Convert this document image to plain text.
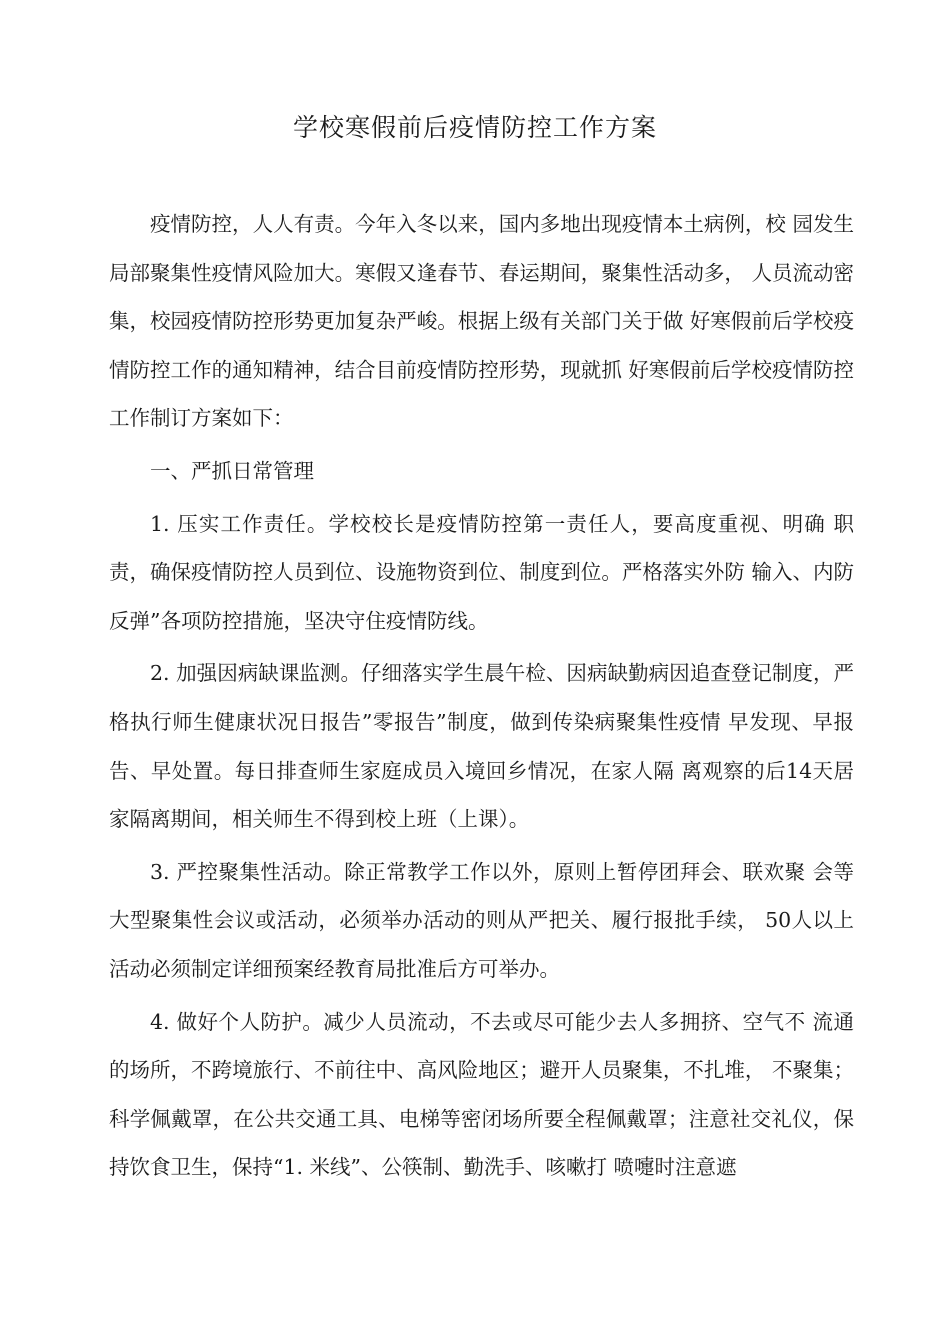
学校寒假前后疫情防控工作方案

疫情防控，人人有责。今年入冬以来，国内多地出现疫情本土病例，校 园发生局部聚集性疫情风险加大。寒假又逢春节、春运期间，聚集性活动多， 人员流动密集，校园疫情防控形势更加复杂严峻。根据上级有关部门关于做 好寒假前后学校疫情防控工作的通知精神，结合目前疫情防控形势，现就抓 好寒假前后学校疫情防控工作制订方案如下：

一、严抓日常管理

1. 压实工作责任。学校校长是疫情防控第一责任人，要高度重视、明确 职责，确保疫情防控人员到位、设施物资到位、制度到位。严格落实外防 输入、内防反弹”各项防控措施，坚决守住疫情防线。

2. 加强因病缺课监测。仔细落实学生晨午检、因病缺勤病因追查登记制度，严格执行师生健康状况日报告”零报告”制度，做到传染病聚集性疫情 早发现、早报告、早处置。每日排查师生家庭成员入境回乡情况，在家人隔 离观察的后14天居家隔离期间，相关师生不得到校上班（上课）。

3. 严控聚集性活动。除正常教学工作以外，原则上暂停团拜会、联欢聚 会等大型聚集性会议或活动，必须举办活动的则从严把关、履行报批手续， 50人以上活动必须制定详细预案经教育局批准后方可举办。

4. 做好个人防护。减少人员流动，不去或尽可能少去人多拥挤、空气不 流通的场所，不跨境旅行、不前往中、高风险地区；避开人员聚集，不扎堆， 不聚集；科学佩戴罩，在公共交通工具、电梯等密闭场所要全程佩戴罩；注意社交礼仪，保持饮食卫生，保持“1. 米线”、公筷制、勤洗手、咳嗽打 喷嚏时注意遮
